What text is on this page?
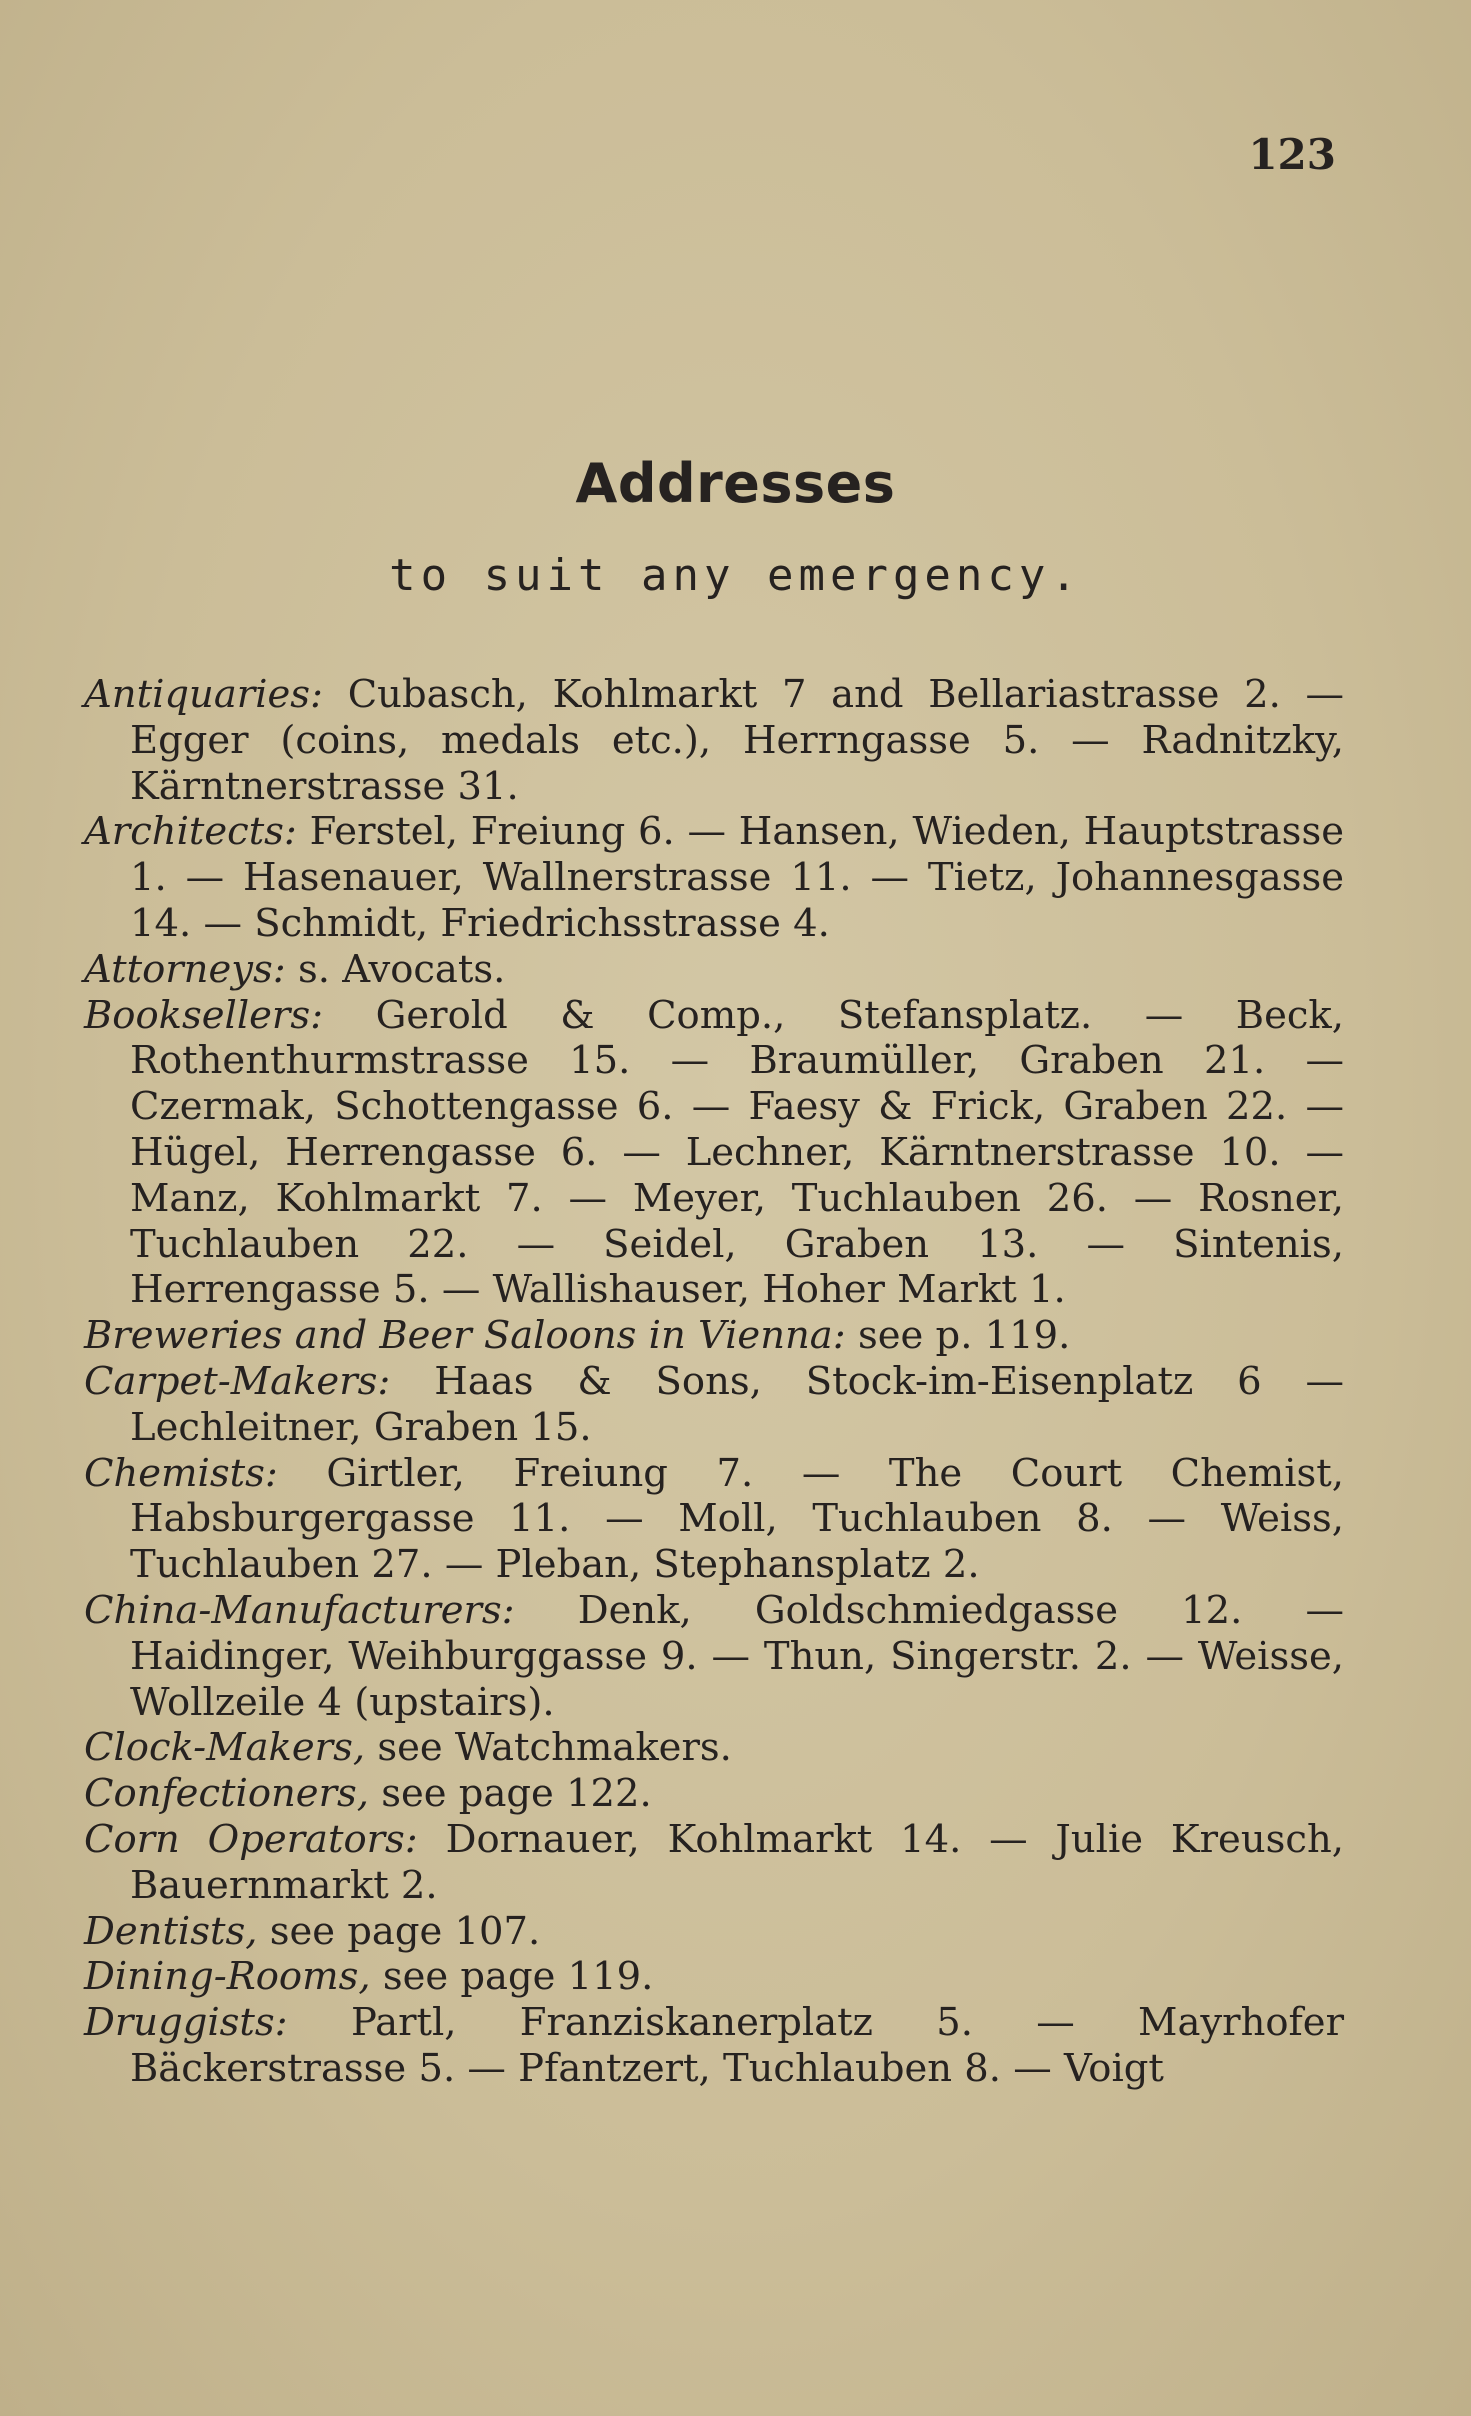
123
Addresses
to suit any emergency.

Antiquaries: Cubasch, Kohlmarkt 7 and Bellariastrasse 2. — Egger (coins, medals etc.), Herrngasse 5. — Radnitzky, Kärntnerstrasse 31.

Architects: Ferstel, Freiung 6. — Hansen, Wieden, Hauptstrasse 1. — Hasenauer, Wallnerstrasse 11. — Tietz, Johannesgasse 14. — Schmidt, Friedrichsstrasse 4.

Attorneys: s. Avocats.

Booksellers: Gerold & Comp., Stefansplatz. — Beck, Rothenthurmstrasse 15. — Braumüller, Graben 21. — Czermak, Schottengasse 6. — Faesy & Frick, Graben 22. — Hügel, Herrengasse 6. — Lechner, Kärntnerstrasse 10. — Manz, Kohlmarkt 7. — Meyer, Tuchlauben 26. — Rosner, Tuchlauben 22. — Seidel, Graben 13. — Sintenis, Herrengasse 5. — Wallishauser, Hoher Markt 1.

Breweries and Beer Saloons in Vienna: see p. 119.

Carpet-Makers: Haas & Sons, Stock-im-Eisenplatz 6 — Lechleitner, Graben 15.

Chemists: Girtler, Freiung 7. — The Court Chemist, Habsburgergasse 11. — Moll, Tuchlauben 8. — Weiss, Tuchlauben 27. — Pleban, Stephansplatz 2.

China-Manufacturers: Denk, Goldschmiedgasse 12. — Haidinger, Weihburggasse 9. — Thun, Singerstr. 2. — Weisse, Wollzeile 4 (upstairs).

Clock-Makers, see Watchmakers.

Confectioners, see page 122.

Corn Operators: Dornauer, Kohlmarkt 14. — Julie Kreusch, Bauernmarkt 2.

Dentists, see page 107.

Dining-Rooms, see page 119.

Druggists: Partl, Franziskanerplatz 5. — Mayrhofer Bäckerstrasse 5. — Pfantzert, Tuchlauben 8. — Voigt
